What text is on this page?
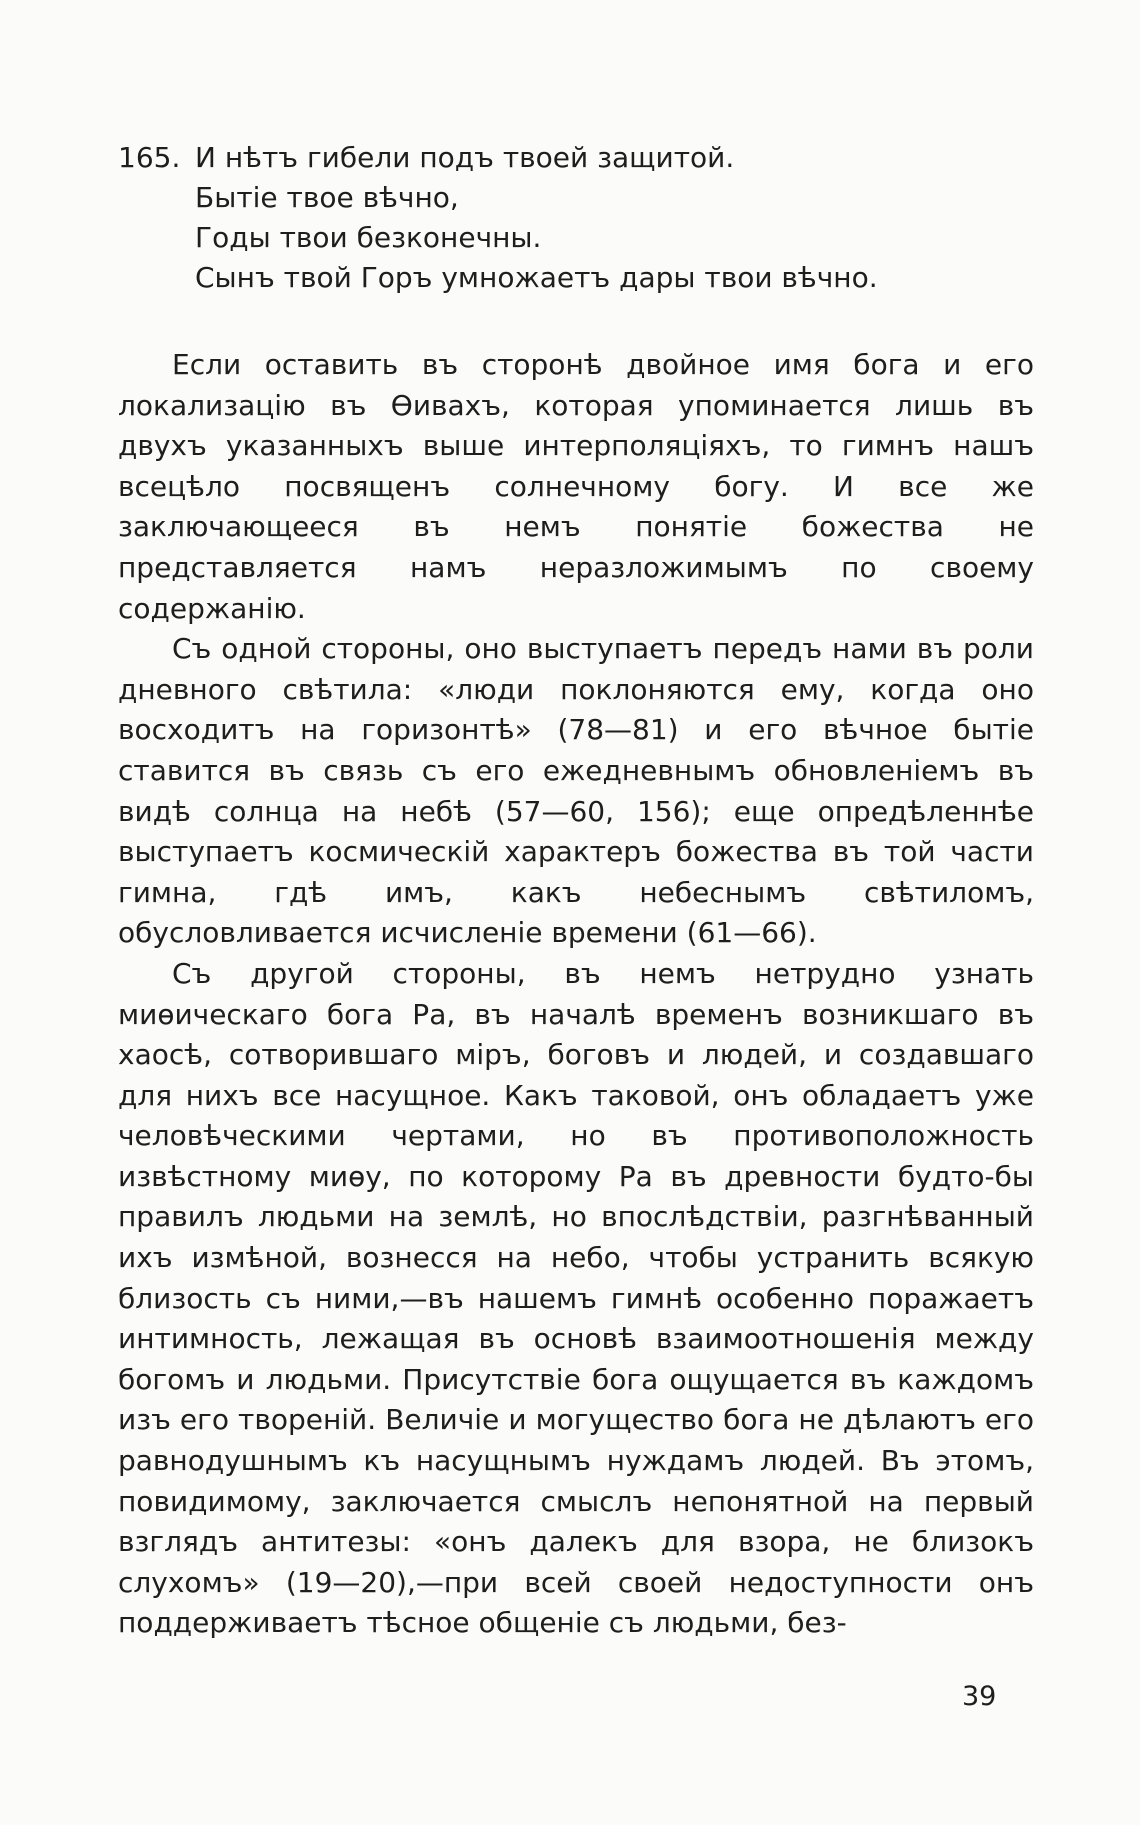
165. И нѣтъ гибели подъ твоей защитой.
Бытіе твое вѣчно,
Годы твои безконечны.
Сынъ твой Горъ умножаетъ дары твои вѣчно.

Если оставить въ сторонѣ двойное имя бога и его локализацію въ Ѳивахъ, которая упоминается лишь въ двухъ указанныхъ выше интерполяціяхъ, то гимнъ нашъ всецѣло посвященъ солнечному богу. И все же заключающееся въ немъ понятіе божества не представляется намъ неразложимымъ по своему содержанію.

Съ одной стороны, оно выступаетъ передъ нами въ роли дневного свѣтила: «люди поклоняются ему, когда оно восходитъ на горизонтѣ» (78—81) и его вѣчное бытіе ставится въ связь съ его ежедневнымъ обновленіемъ въ видѣ солнца на небѣ (57—60, 156); еще опредѣленнѣе выступаетъ космическій характеръ божества въ той части гимна, гдѣ имъ, какъ небеснымъ свѣтиломъ, обусловливается исчисленіе времени (61—66).

Съ другой стороны, въ немъ нетрудно узнать миѳическаго бога Ра, въ началѣ временъ возникшаго въ хаосѣ, сотворившаго міръ, боговъ и людей, и создавшаго для нихъ все насущное. Какъ таковой, онъ обладаетъ уже человѣческими чертами, но въ противоположность извѣстному миѳу, по которому Ра въ древности будто-бы правилъ людьми на землѣ, но впослѣдствіи, разгнѣванный ихъ измѣной, вознесся на небо, чтобы устранить всякую близость съ ними,—въ нашемъ гимнѣ особенно поражаетъ интимность, лежащая въ основѣ взаимоотношенія между богомъ и людьми. Присутствіе бога ощущается въ каждомъ изъ его твореній. Величіе и могущество бога не дѣлаютъ его равнодушнымъ къ насущнымъ нуждамъ людей. Въ этомъ, повидимому, заключается смыслъ непонятной на первый взглядъ антитезы: «онъ далекъ для взора, не близокъ слухомъ» (19—20),—при всей своей недоступности онъ поддерживаетъ тѣсное общеніе съ людьми, без-

39
